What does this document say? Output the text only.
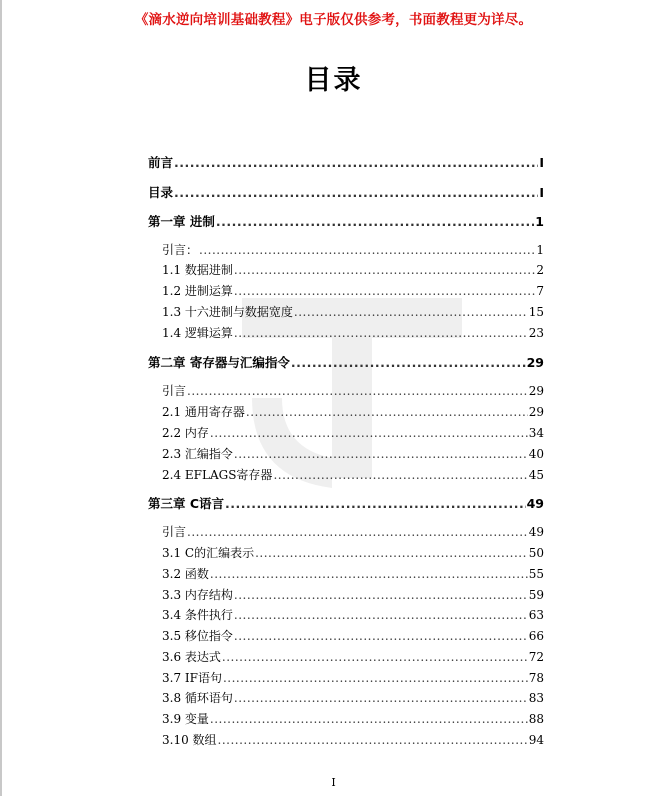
《滴水逆向培训基础教程》电子版仅供参考，书面教程更为详尽。
目录
前言 .....	I
目录 .....	I
第一章 进制 .....	1
引言： .....	1
1.1 数据进制 .....	2
1.2 进制运算 .....	7
1.3 十六进制与数据宽度 .....	15
1.4 逻辑运算 .....	23
第二章 寄存器与汇编指令 .....	29
引言 .....	29
2.1 通用寄存器 .....	29
2.2 内存 .....	34
2.3 汇编指令 .....	40
2.4 EFLAGS寄存器 .....	45
第三章 C语言 .....	49
引言 .....	49
3.1 C的汇编表示 .....	50
3.2 函数 .....	55
3.3 内存结构 .....	59
3.4 条件执行 .....	63
3.5 移位指令 .....	66
3.6 表达式 .....	72
3.7 IF语句 .....	78
3.8 循环语句 .....	83
3.9 变量 .....	88
3.10 数组 .....	94
I
